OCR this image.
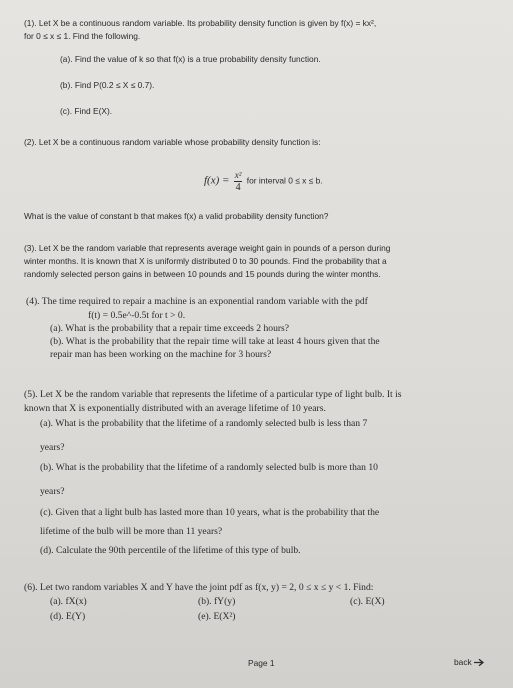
(1). Let X be a continuous random variable. Its probability density function is given by f(x) = kx²,
for 0 ≤ x ≤ 1. Find the following.
(a). Find the value of k so that f(x) is a true probability density function.
(b). Find P(0.2 ≤ X ≤ 0.7).
(c). Find E(X).
(2). Let X be a continuous random variable whose probability density function is:
$f(x) = \frac{\text{x²}}{4}$ for interval 0 ≤ x ≤ b.
What is the value of constant b that makes f(x) a valid probability density function?
(3). Let X be the random variable that represents average weight gain in pounds of a person during
winter months. It is known that X is uniformly distributed 0 to 30 pounds. Find the probability that a
randomly selected person gains in between 10 pounds and 15 pounds during the winter months.
(4). The time required to repair a machine is an exponential random variable with the pdf
f(t) = 0.5e^-0.5t for t > 0.
(a). What is the probability that a repair time exceeds 2 hours?
(b). What is the probability that the repair time will take at least 4 hours given that the
repair man has been working on the machine for 3 hours?
(5). Let X be the random variable that represents the lifetime of a particular type of light bulb. It is
known that X is exponentially distributed with an average lifetime of 10 years.
(a). What is the probability that the lifetime of a randomly selected bulb is less than 7
years?
(b). What is the probability that the lifetime of a randomly selected bulb is more than 10
years?
(c). Given that a light bulb has lasted more than 10 years, what is the probability that the
lifetime of the bulb will be more than 11 years?
(d). Calculate the 90th percentile of the lifetime of this type of bulb.
(6). Let two random variables X and Y have the joint pdf as f(x, y) = 2, 0 ≤ x ≤ y < 1. Find:
(a). fX(x)	(b). fY(y)	(c). E(X)
(d). E(Y)	(e). E(X²)
Page 1	back
